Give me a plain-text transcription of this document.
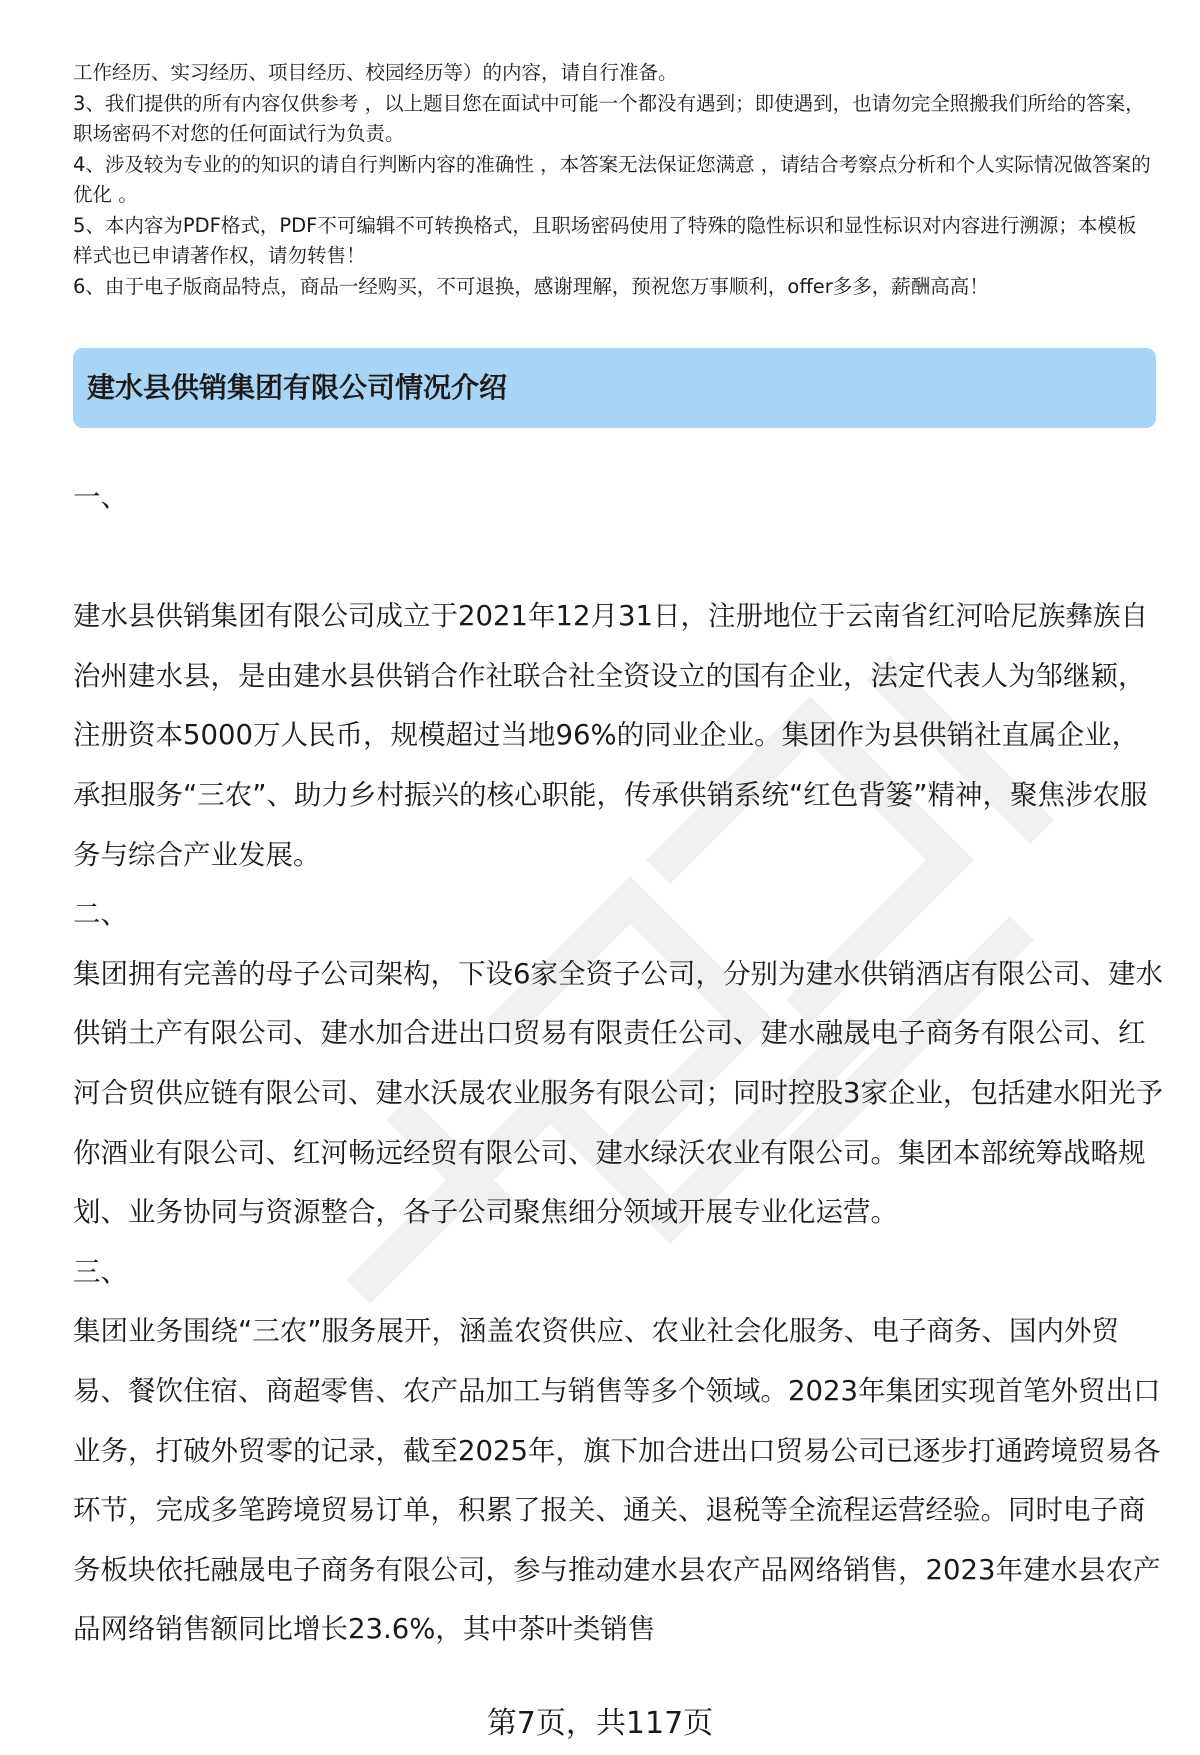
工作经历、实习经历、项目经历、校园经历等）的内容，请自行准备。

3、我们提供的所有内容仅供参考 ，以上题目您在面试中可能一个都没有遇到；即使遇到，也请勿完全照搬我们所给的答案，职场密码不对您的任何面试行为负责。

4、涉及较为专业的的知识的请自行判断内容的准确性 ，本答案无法保证您满意 ，请结合考察点分析和个人实际情况做答案的优化 。

5、本内容为PDF格式，PDF不可编辑不可转换格式，且职场密码使用了特殊的隐性标识和显性标识对内容进行溯源；本模板样式也已申请著作权，请勿转售！

6、由于电子版商品特点，商品一经购买，不可退换，感谢理解，预祝您万事顺利，offer多多，薪酬高高！

建水县供销集团有限公司情况介绍

一、

建水县供销集团有限公司成立于2021年12月31日，注册地位于云南省红河哈尼族彝族自治州建水县，是由建水县供销合作社联合社全资设立的国有企业，法定代表人为邹继颖，注册资本5000万人民币，规模超过当地96%的同业企业。集团作为县供销社直属企业，承担服务“三农”、助力乡村振兴的核心职能，传承供销系统“红色背篓”精神，聚焦涉农服务与综合产业发展。

二、

集团拥有完善的母子公司架构，下设6家全资子公司，分别为建水供销酒店有限公司、建水供销土产有限公司、建水加合进出口贸易有限责任公司、建水融晟电子商务有限公司、红河合贸供应链有限公司、建水沃晟农业服务有限公司；同时控股3家企业，包括建水阳光予你酒业有限公司、红河畅远经贸有限公司、建水绿沃农业有限公司。集团本部统筹战略规划、业务协同与资源整合，各子公司聚焦细分领域开展专业化运营。

三、

集团业务围绕“三农”服务展开，涵盖农资供应、农业社会化服务、电子商务、国内外贸易、餐饮住宿、商超零售、农产品加工与销售等多个领域。2023年集团实现首笔外贸出口业务，打破外贸零的记录，截至2025年，旗下加合进出口贸易公司已逐步打通跨境贸易各环节，完成多笔跨境贸易订单，积累了报关、通关、退税等全流程运营经验。同时电子商务板块依托融晟电子商务有限公司，参与推动建水县农产品网络销售，2023年建水县农产品网络销售额同比增长23.6%，其中茶叶类销售

第7页，共117页
